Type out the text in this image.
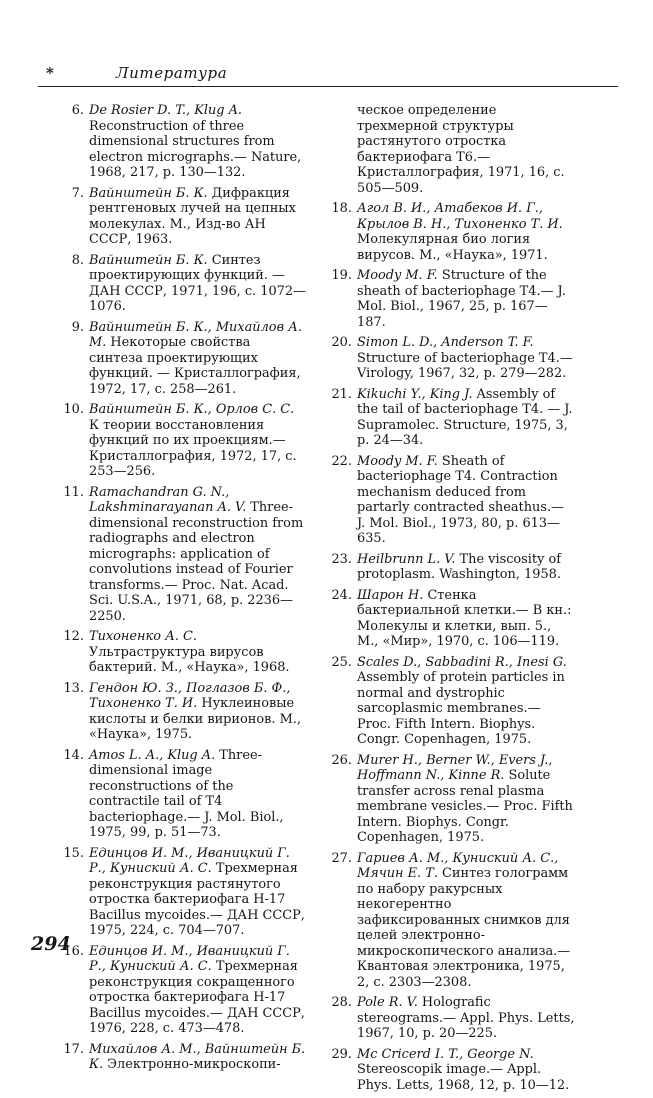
*	Литература
6. De Rosier D. T., Klug A. Reconstruction of three dimensional structures from electron micrographs.— Nature, 1968, 217, p. 130—132.
7. Вайнштейн Б. К. Дифракция рентгеновых лучей на цепных молекулах. М., Изд-во АН СССР, 1963.
8. Вайнштейн Б. К. Синтез проектирующих функций. — ДАН СССР, 1971, 196, с. 1072—1076.
9. Вайнштейн Б. К., Михайлов А. М. Некоторые свойства синтеза проектирующих функций. — Кристаллография, 1972, 17, с. 258—261.
10. Вайнштейн Б. К., Орлов С. С. К теории восстановления функций по их проекциям.— Кристаллография, 1972, 17, с. 253—256.
11. Ramachandran G. N., Lakshminarayanan A. V. Three-dimensional reconstruction from radiographs and electron micrographs: application of convolutions instead of Fourier transforms.— Proc. Nat. Acad. Sci. U.S.A., 1971, 68, p. 2236—2250.
12. Тихоненко А. С. Ультраструктура вирусов бактерий. М., «Наука», 1968.
13. Гендон Ю. З., Поглазов Б. Ф., Тихоненко Т. И. Нуклеиновые кислоты и белки вирионов. М., «Наука», 1975.
14. Amos L. A., Klug A. Three-dimensional image reconstructions of the contractile tail of T4 bacteriophage.— J. Mol. Biol., 1975, 99, p. 51—73.
15. Единцов И. М., Иваницкий Г. Р., Куниский А. С. Трехмерная реконструкция растянутого отростка бактериофага Н-17 Bacillus mycoides.— ДАН СССР, 1975, 224, с. 704—707.
16. Единцов И. М., Иваницкий Г. Р., Куниский А. С. Трехмерная реконструкция сокращенного отростка бактериофага Н-17 Bacillus mycoides.— ДАН СССР, 1976, 228, с. 473—478.
17. Михайлов А. М., Вайнштейн Б. К. Электронно-микроскопи-
ческое определение трехмерной структуры растянутого отростка бактериофага Т6.— Кристаллография, 1971, 16, с. 505—509.
18. Агол В. И., Атабеков И. Г., Крылов В. Н., Тихоненко Т. И. Молекулярная био логия вирусов. М., «Наука», 1971.
19. Moody M. F. Structure of the sheath of bacteriophage T4.— J. Mol. Biol., 1967, 25, p. 167—187.
20. Simon L. D., Anderson T. F. Structure of bacteriophage T4.— Virology, 1967, 32, p. 279—282.
21. Kikuchi Y., King J. Assembly of the tail of bacteriophage T4. — J. Supramolec. Structure, 1975, 3, p. 24—34.
22. Moody M. F. Sheath of bacteriophage T4. Contraction mechanism deduced from partarly contracted sheathus.— J. Mol. Biol., 1973, 80, p. 613—635.
23. Heilbrunn L. V. The viscosity of protoplasm. Washington, 1958.
24. Шарон Н. Стенка бактериальной клетки.— В кн.: Молекулы и клетки, вып. 5., М., «Мир», 1970, с. 106—119.
25. Scales D., Sabbadini R., Inesi G. Assembly of protein particles in normal and dystrophic sarcoplasmic membranes.— Proc. Fifth Intern. Biophys. Congr. Copenhagen, 1975.
26. Murer H., Berner W., Evers J., Hoffmann N., Kinne R. Solute transfer across renal plasma membrane vesicles.— Proc. Fifth Intern. Biophys. Congr. Copenhagen, 1975.
27. Гариев А. М., Куниский А. С., Мячин Е. Т. Синтез голограмм по набору ракурсных некогерентно зафиксированных снимков для целей электронно-микроскопического анализа.— Квантовая электроника, 1975, 2, с. 2303—2308.
28. Pole R. V. Holografic stereograms.— Appl. Phys. Letts, 1967, 10, p. 20—225.
29. Mc Cricerd I. T., George N. Stereoscopik image.— Appl. Phys. Letts, 1968, 12, p. 10—12.
294
